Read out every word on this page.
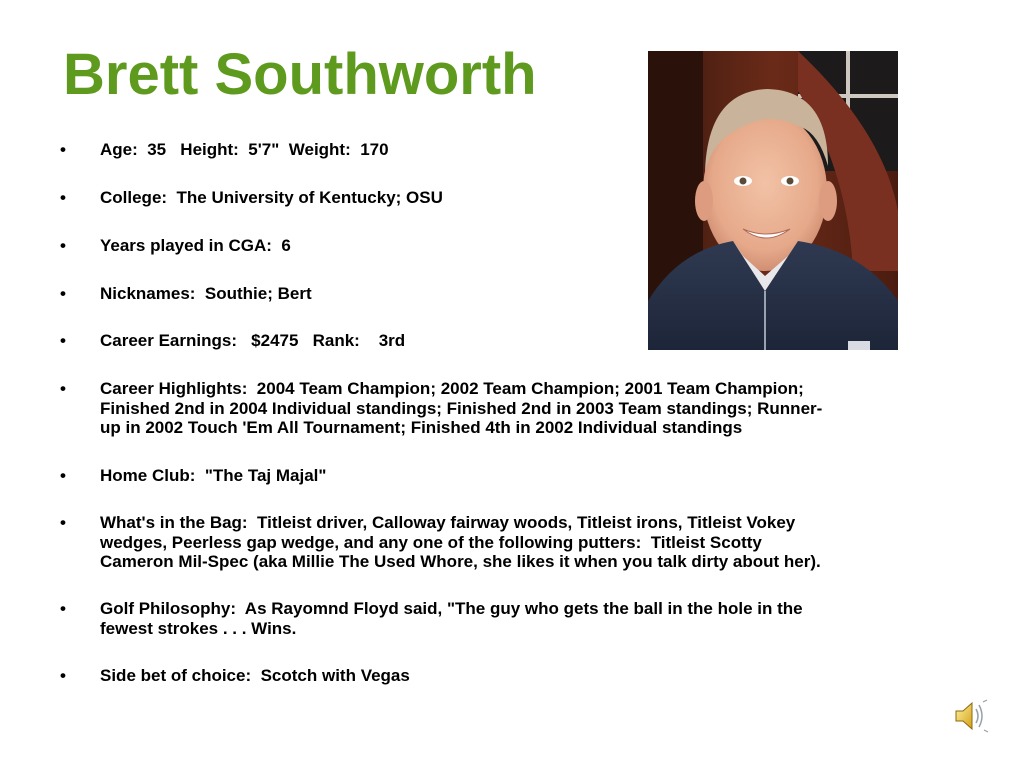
Brett Southworth
•	Age:  35   Height:  5'7"  Weight:  170
•	College:  The University of Kentucky; OSU
•	Years played in CGA:  6
•	Nicknames:  Southie; Bert
•	Career Earnings:   $2475   Rank:    3rd
•	Career Highlights:  2004 Team Champion; 2002 Team Champion; 2001 Team Champion;
Finished 2nd in 2004 Individual standings; Finished 2nd in 2003 Team standings; Runner-
up in 2002 Touch 'Em All Tournament; Finished 4th in 2002 Individual standings
•	Home Club:  "The Taj Majal"
•	What's in the Bag:  Titleist driver, Calloway fairway woods, Titleist irons, Titleist Vokey
wedges, Peerless gap wedge, and any one of the following putters:  Titleist Scotty
Cameron Mil-Spec (aka Millie The Used Whore, she likes it when you talk dirty about her).
•	Golf Philosophy:  As Rayomnd Floyd said, "The guy who gets the ball in the hole in the
fewest strokes . . . Wins.
•	Side bet of choice:  Scotch with Vegas
